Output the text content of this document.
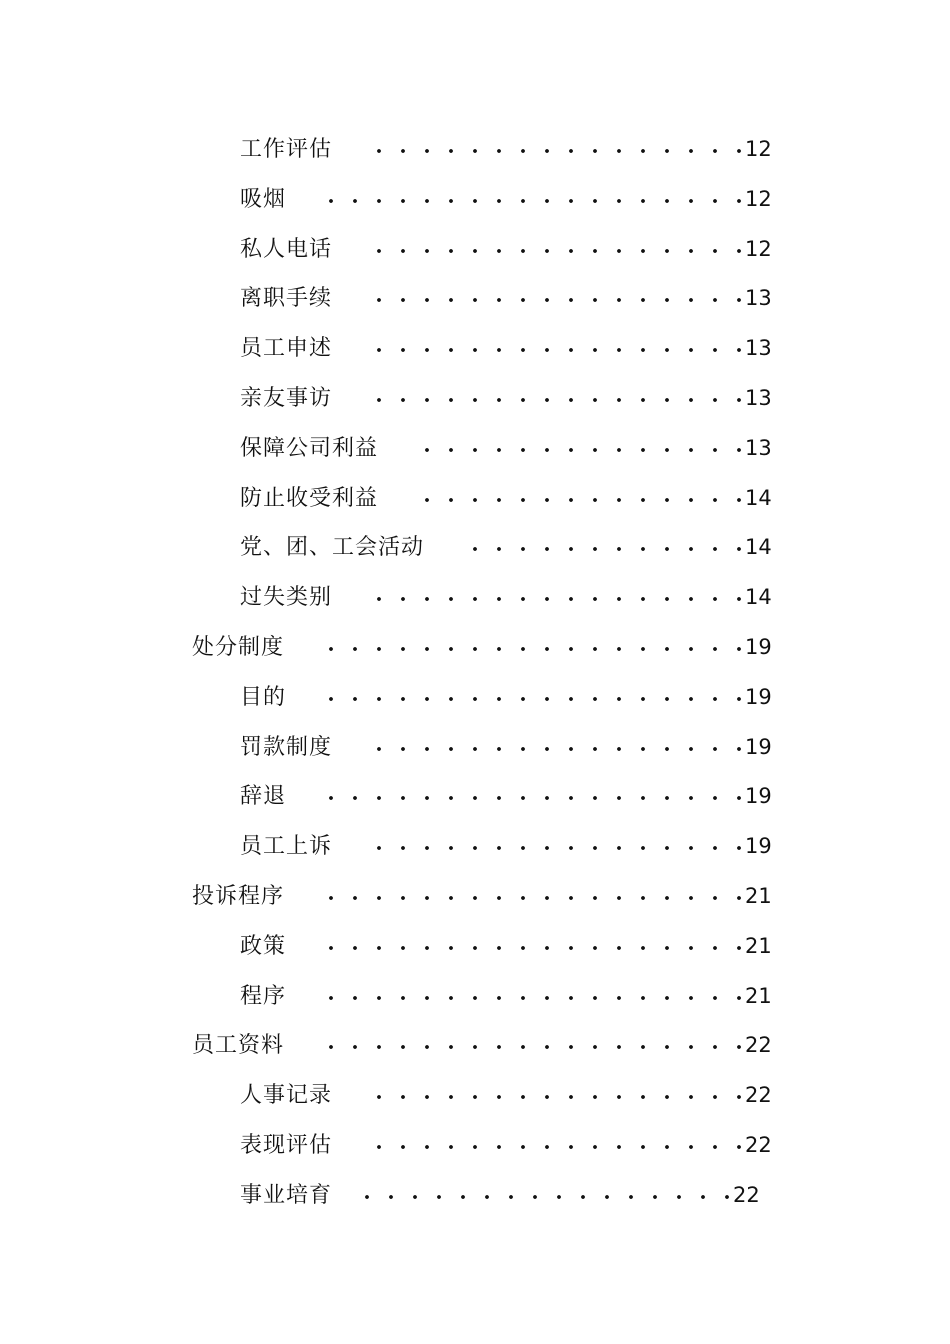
工作评估	12
吸烟	12
私人电话	12
离职手续	13
员工申述	13
亲友事访	13
保障公司利益	13
防止收受利益	14
党、团、工会活动	14
过失类别	14
处分制度	19
目的	19
罚款制度	19
辞退	19
员工上诉	19
投诉程序	21
政策	21
程序	21
员工资料	22
人事记录	22
表现评估	22
事业培育	22
